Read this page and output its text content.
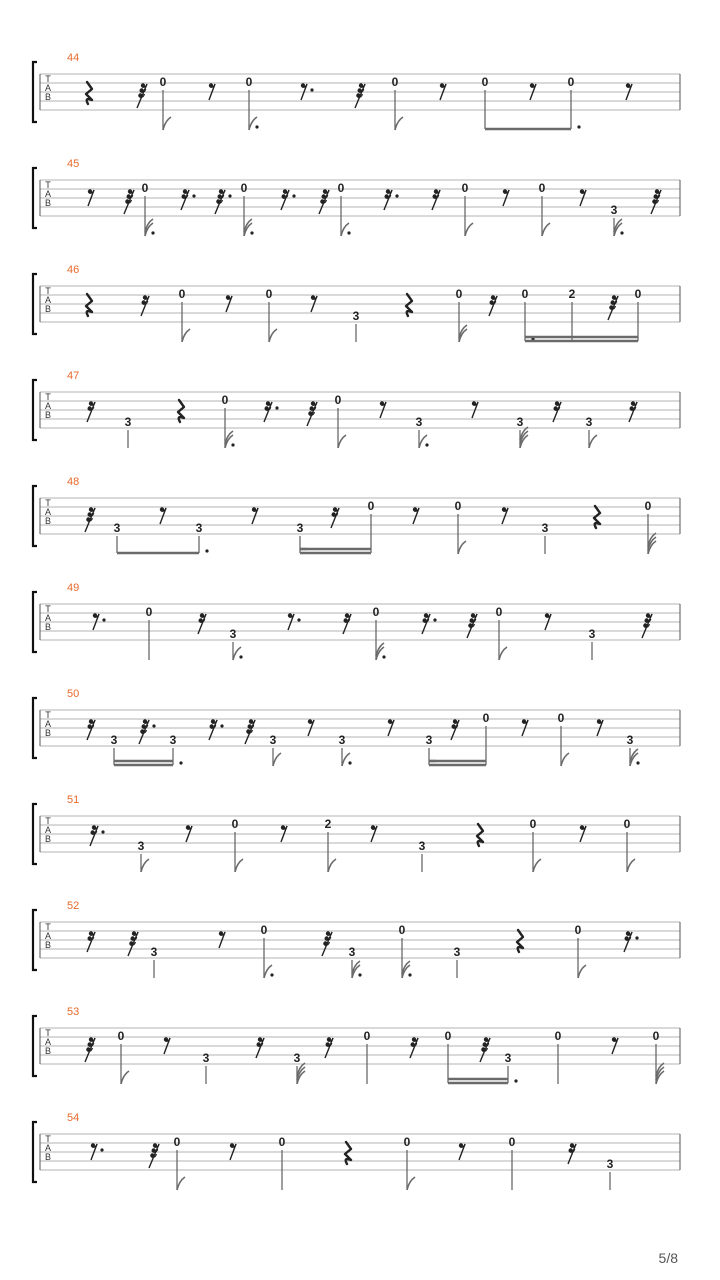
44
T
A
B
0	0	0	0	0
45
T
A
B
0	0	0	0	0
3
46
T
A
B
0	0
3
0	0	2	0
47
T
A
B	3
0	0
3	3	3
48
T
A
B	3	3	3
0	0
3
0
49
T
A
B
0
3
0	0
3
50
T
A
B	3	3	3	3	3
0	0
3
51
T
A
B	3
0	2
3
0	0
52
T
A
B	3
0
3
0
3
0
53
T
A
B
0
3	3
0	0
3
0	0
54
T
A
B
0	0	0	0
3
5/8
